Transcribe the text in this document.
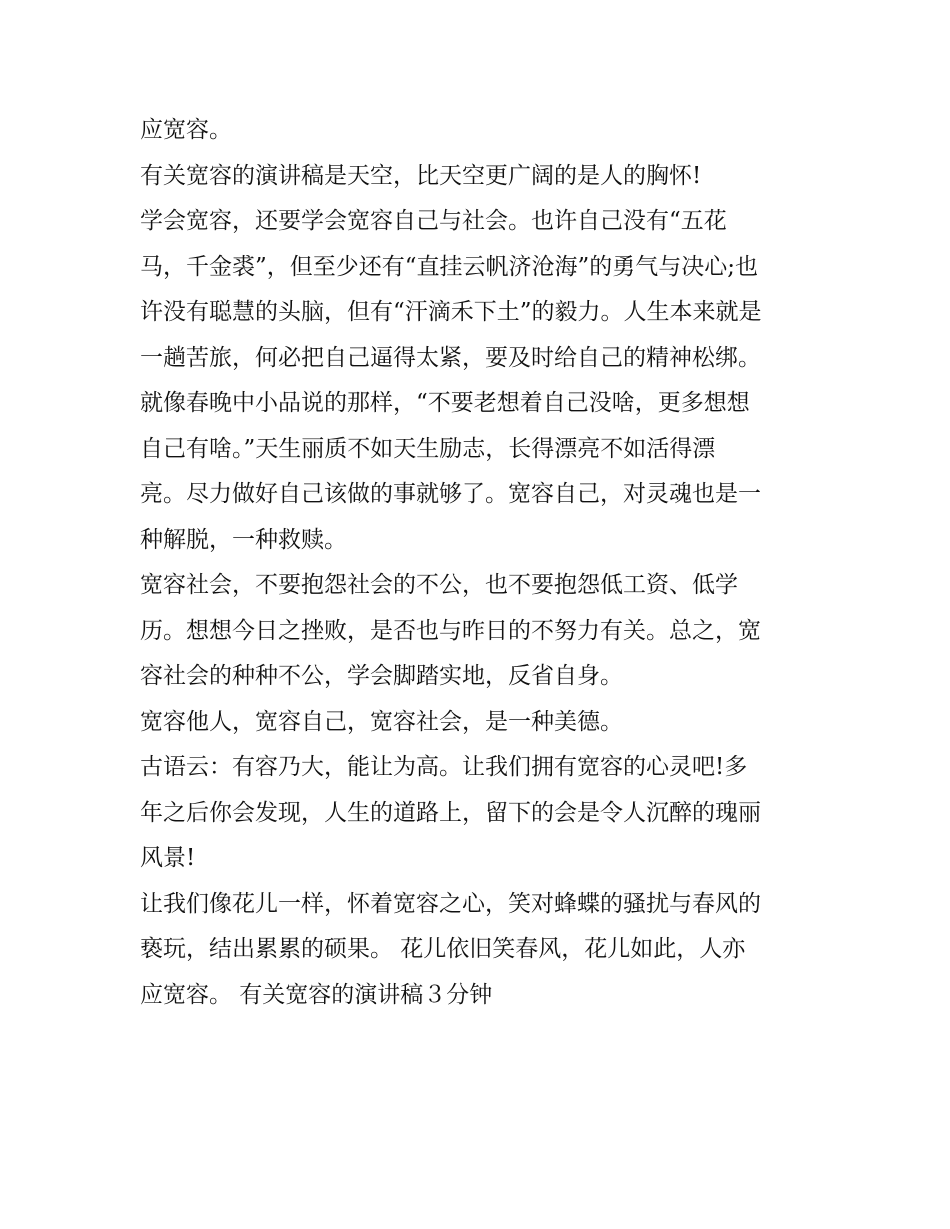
应宽容。

有关宽容的演讲稿是天空，比天空更广阔的是人的胸怀!

学会宽容，还要学会宽容自己与社会。也许自己没有“五花
马，千金裘”，但至少还有“直挂云帆济沧海”的勇气与决心;也
许没有聪慧的头脑，但有“汗滴禾下土”的毅力。人生本来就是
一趟苦旅，何必把自己逼得太紧，要及时给自己的精神松绑。
就像春晚中小品说的那样，“不要老想着自己没啥，更多想想
自己有啥。”天生丽质不如天生励志，长得漂亮不如活得漂
亮。尽力做好自己该做的事就够了。宽容自己，对灵魂也是一
种解脱，一种救赎。

宽容社会，不要抱怨社会的不公，也不要抱怨低工资、低学
历。想想今日之挫败，是否也与昨日的不努力有关。总之，宽
容社会的种种不公，学会脚踏实地，反省自身。

宽容他人，宽容自己，宽容社会，是一种美德。

古语云：有容乃大，能让为高。让我们拥有宽容的心灵吧!多
年之后你会发现，人生的道路上，留下的会是令人沉醉的瑰丽
风景!

让我们像花儿一样，怀着宽容之心，笑对蜂蝶的骚扰与春风的
亵玩，结出累累的硕果。 花儿依旧笑春风，花儿如此，人亦
应宽容。 有关宽容的演讲稿３分钟
